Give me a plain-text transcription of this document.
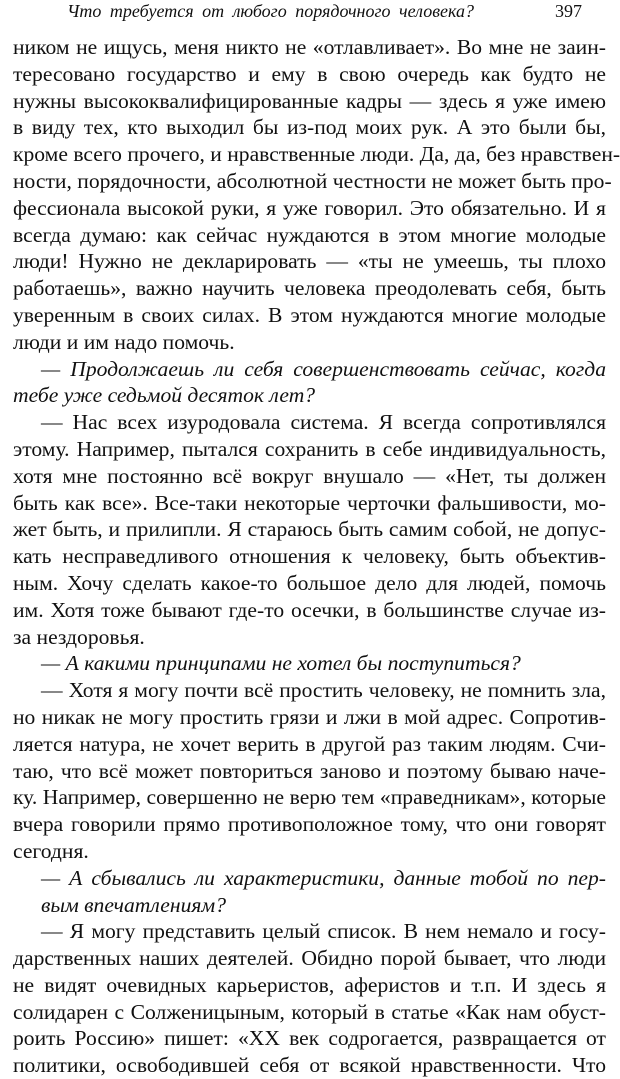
Что требуется от любого порядочного человека?	397
ником не ищусь, меня никто не «отлавливает». Во мне не заин-
тересовано государство и ему в свою очередь как будто не
нужны высококвалифицированные кадры — здесь я уже имею
в виду тех, кто выходил бы из-под моих рук. А это были бы,
кроме всего прочего, и нравственные люди. Да, да, без нравствен-
ности, порядочности, абсолютной честности не может быть про-
фессионала высокой руки, я уже говорил. Это обязательно. И я
всегда думаю: как сейчас нуждаются в этом многие молодые
люди! Нужно не декларировать — «ты не умеешь, ты плохо
работаешь», важно научить человека преодолевать себя, быть
уверенным в своих силах. В этом нуждаются многие молодые
люди и им надо помочь.
— Продолжаешь ли себя совершенствовать сейчас, когда
тебе уже седьмой десяток лет?
— Нас всех изуродовала система. Я всегда сопротивлялся
этому. Например, пытался сохранить в себе индивидуальность,
хотя мне постоянно всё вокруг внушало — «Нет, ты должен
быть как все». Все-таки некоторые черточки фальшивости, мо-
жет быть, и прилипли. Я стараюсь быть самим собой, не допус-
кать несправедливого отношения к человеку, быть объектив-
ным. Хочу сделать какое-то большое дело для людей, помочь
им. Хотя тоже бывают где-то осечки, в большинстве случае из-
за нездоровья.
— А какими принципами не хотел бы поступиться?
— Хотя я могу почти всё простить человеку, не помнить зла,
но никак не могу простить грязи и лжи в мой адрес. Сопротив-
ляется натура, не хочет верить в другой раз таким людям. Счи-
таю, что всё может повториться заново и поэтому бываю наче-
ку. Например, совершенно не верю тем «праведникам», которые
вчера говорили прямо противоположное тому, что они говорят
сегодня.
— А сбывались ли характеристики, данные тобой по пер-
вым впечатлениям?
— Я могу представить целый список. В нем немало и госу-
дарственных наших деятелей. Обидно порой бывает, что люди
не видят очевидных карьеристов, аферистов и т.п. И здесь я
солидарен с Солженицыным, который в статье «Как нам обуст-
роить Россию» пишет: «XX век содрогается, развращается от
политики, освободившей себя от всякой нравственности. Что
